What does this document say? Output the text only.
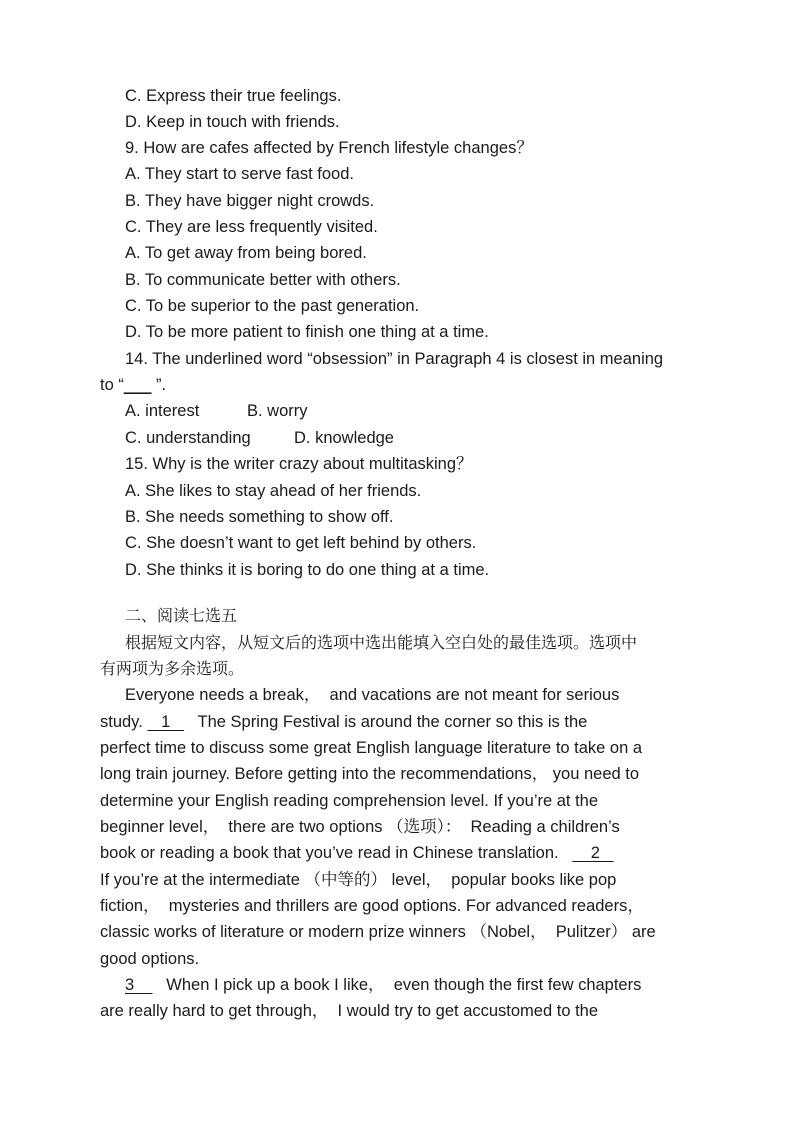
C. Express their true feelings.
D. Keep in touch with friends.
9. How are cafes affected by French lifestyle changes？
A. They start to serve fast food.
B. They have bigger night crowds.
C. They are less frequently visited.
A. To get away from being bored.
B. To communicate better with others.
C. To be superior to the past generation.
D. To be more patient to finish one thing at a time.
14. The underlined word “obsession” in Paragraph 4 is closest in meaning
to “___ ”.
A. interest	B. worry
C. understanding	D. knowledge
15. Why is the writer crazy about multitasking？
A. She likes to stay ahead of her friends.
B. She needs something to show off.
C. She doesn’t want to get left behind by others.
D. She thinks it is boring to do one thing at a time.
二、阅读七选五
根据短文内容，从短文后的选项中选出能填入空白处的最佳选项。选项中
有两项为多余选项。
Everyone needs a break，  and vacations are not meant for serious
study.    1      The Spring Festival is around the corner so this is the
perfect time to discuss some great English language literature to take on a
long train journey. Before getting into the recommendations， you need to
determine your English reading comprehension level. If you’re at the
beginner level，  there are two options （选项）：  Reading a children’s
book or reading a book that you’ve read in Chinese translation.       2
If you’re at the intermediate （中等的） level，  popular books like pop
fiction，  mysteries and thrillers are good options. For advanced readers，
classic works of literature or modern prize winners （Nobel，  Pulitzer） are
good options.
3       When I pick up a book I like，  even though the first few chapters
are really hard to get through，  I would try to get accustomed to the
